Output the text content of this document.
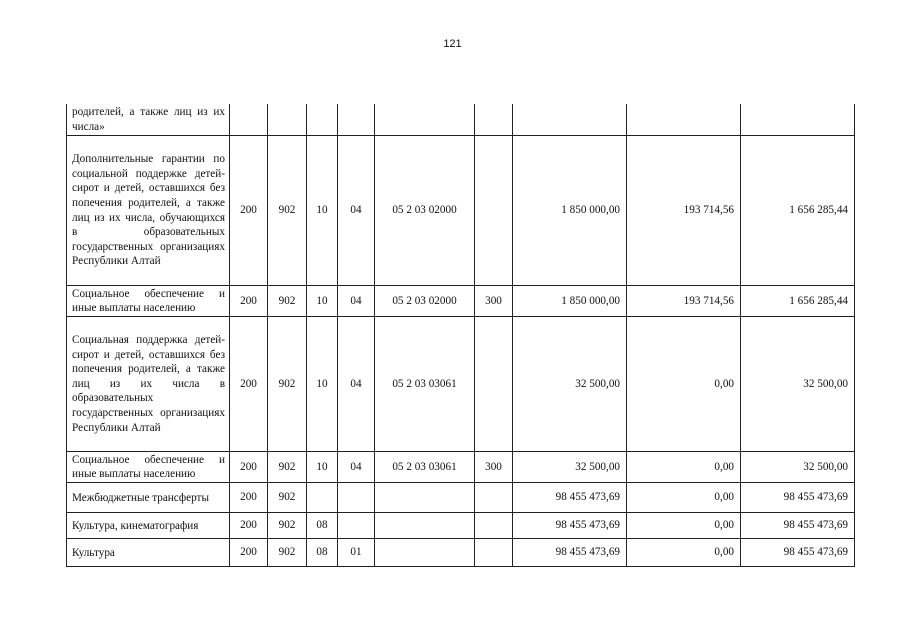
121
родителей, а также лиц из их числа»									
Дополнительные гарантии по социальной поддержке детей-сирот и детей, оставшихся без попечения родителей, а также лиц из их числа, обучающихся в образовательных государственных организациях Республики Алтай	200	902	10	04	05 2 03 02000		1 850 000,00	193 714,56	1 656 285,44
Социальное обеспечение и иные выплаты населению	200	902	10	04	05 2 03 02000	300	1 850 000,00	193 714,56	1 656 285,44
Социальная поддержка детей-сирот и детей, оставшихся без попечения родителей, а также лиц из их числа в образовательных государственных организациях Республики Алтай	200	902	10	04	05 2 03 03061		32 500,00	0,00	32 500,00
Социальное обеспечение и иные выплаты населению	200	902	10	04	05 2 03 03061	300	32 500,00	0,00	32 500,00
Межбюджетные трансферты	200	902					98 455 473,69	0,00	98 455 473,69
Культура, кинематография	200	902	08				98 455 473,69	0,00	98 455 473,69
Культура	200	902	08	01			98 455 473,69	0,00	98 455 473,69
